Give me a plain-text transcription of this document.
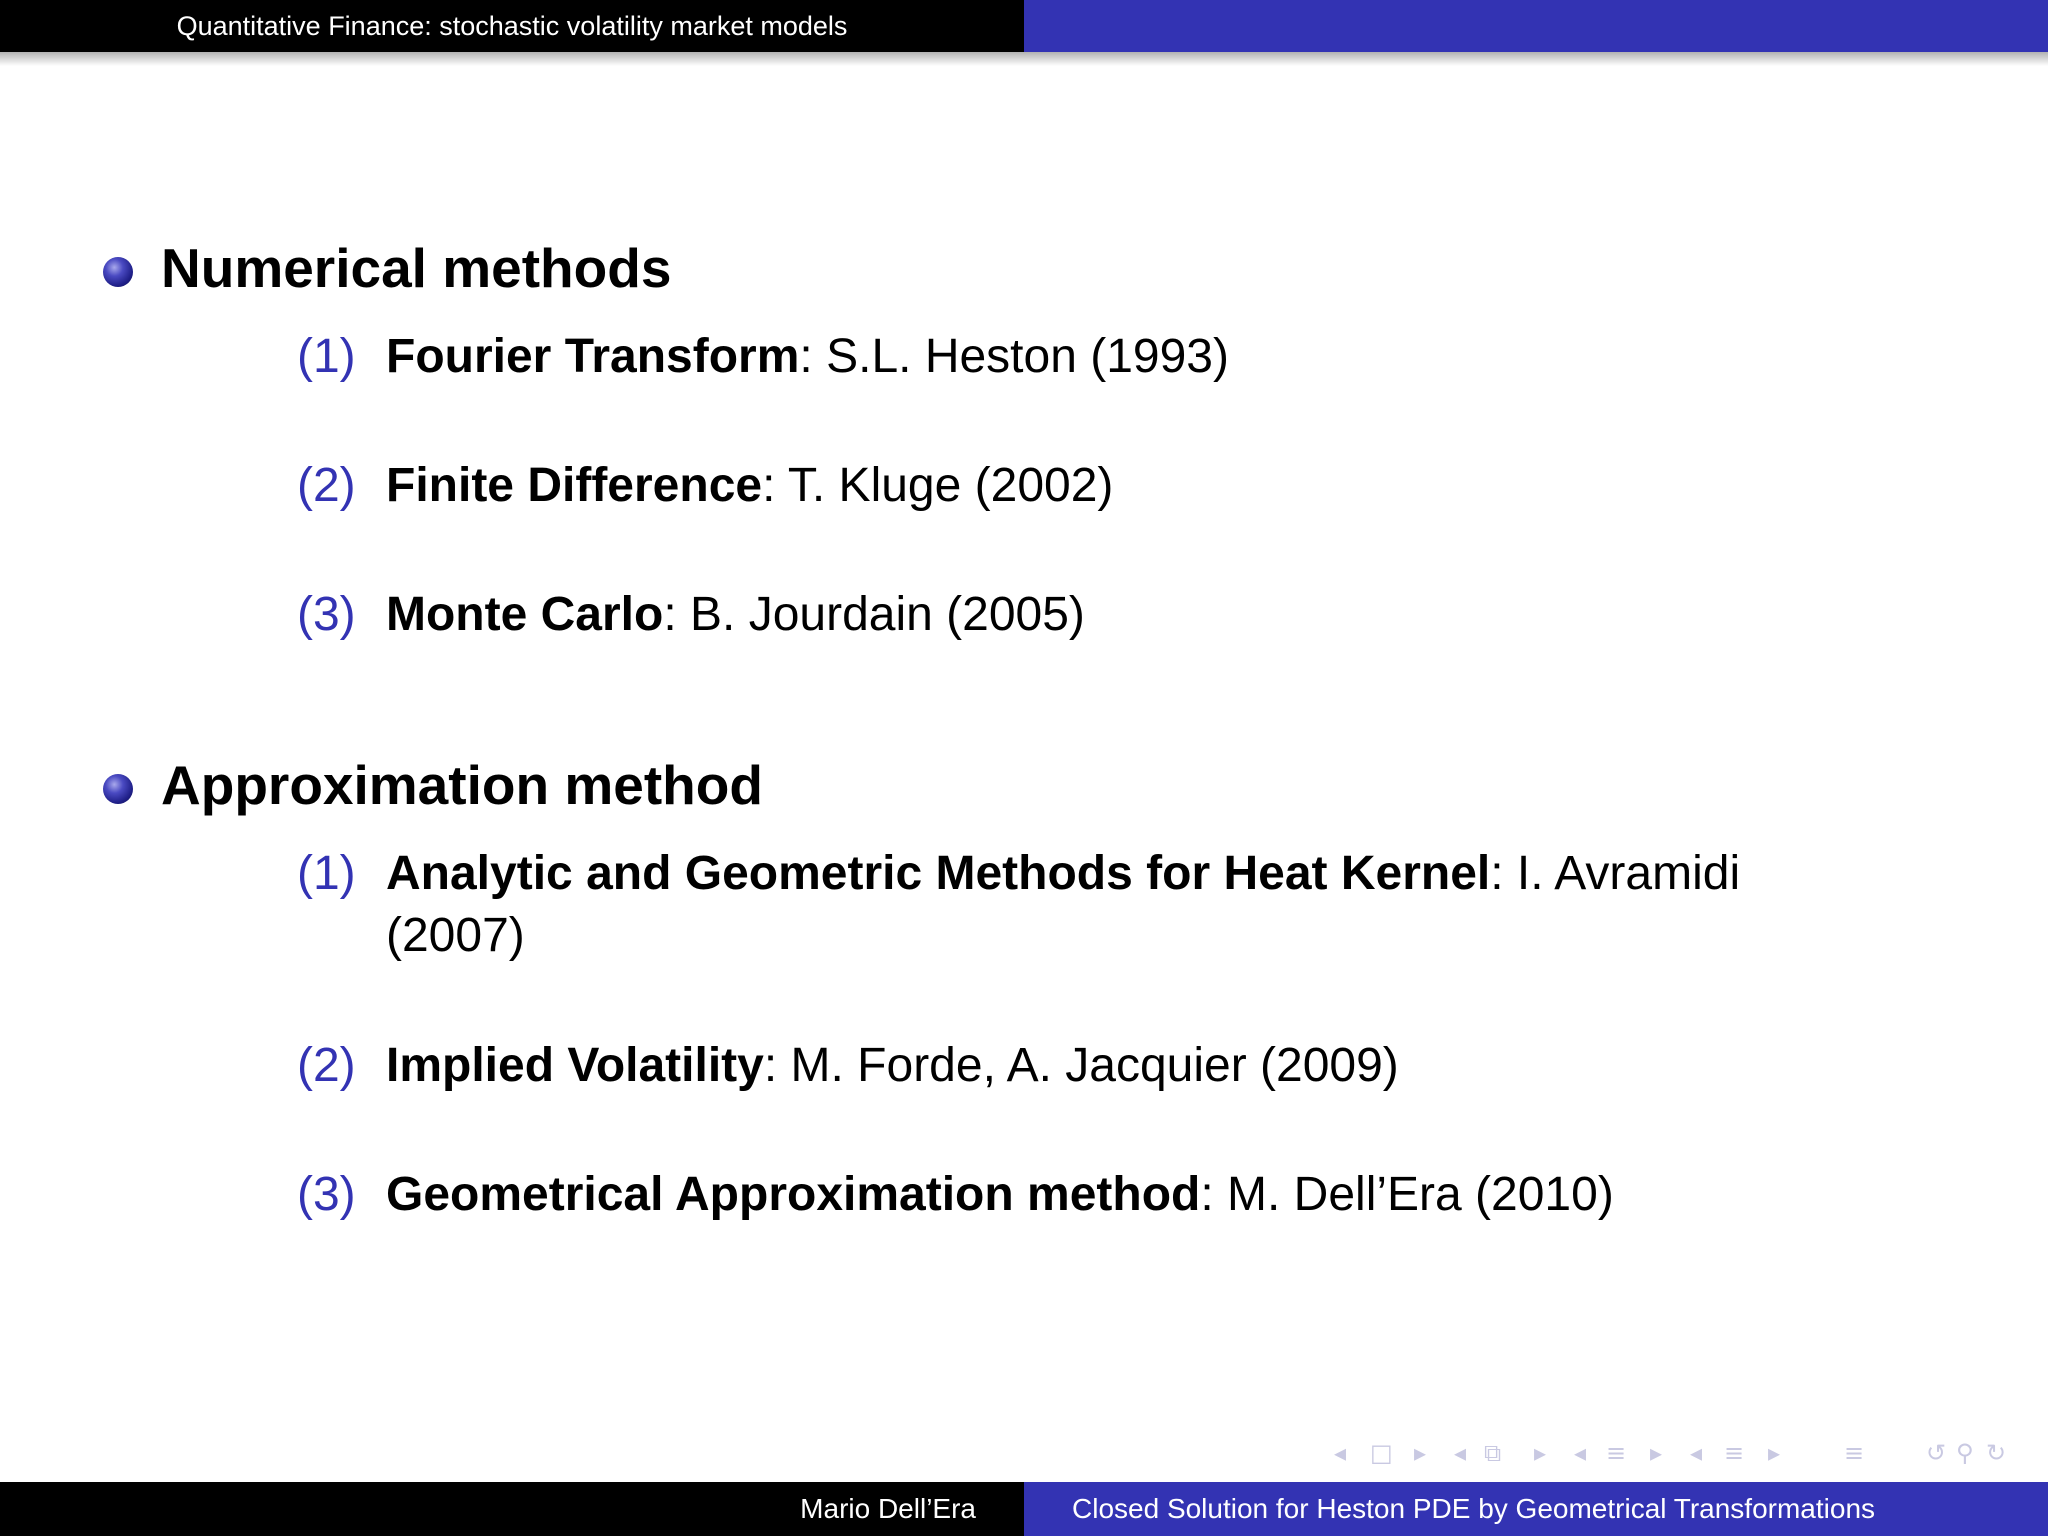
Quantitative Finance: stochastic volatility market models
Numerical methods
(1) Fourier Transform: S.L. Heston (1993)
(2) Finite Difference: T. Kluge (2002)
(3) Monte Carlo: B. Jourdain (2005)
Approximation method
(1) Analytic and Geometric Methods for Heat Kernel: I. Avramidi (2007)
(2) Implied Volatility: M. Forde, A. Jacquier (2009)
(3) Geometrical Approximation method: M. Dell’Era (2010)
◂ □ ▸ ◂ ⧉ ▸ ◂ ≡ ▸ ◂ ≡ ▸	≡	↺ ⚲ ↻
Mario Dell’Era	Closed Solution for Heston PDE by Geometrical Transformations
